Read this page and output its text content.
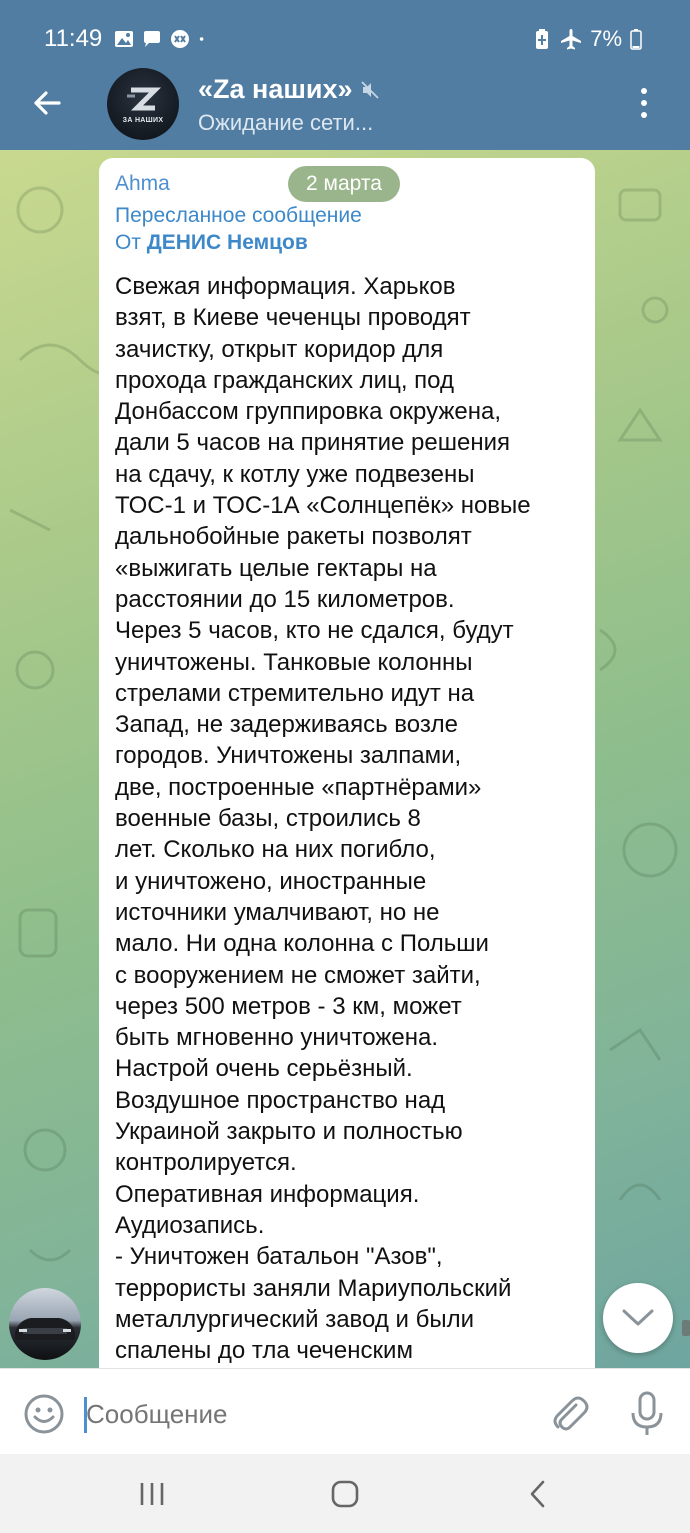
11:49	7%
ЗА НАШИХ
«Zа наших»
Ожидание сети...
Ahma	2 марта
Пересланное сообщение
От ДЕНИС Немцов
Свежая информация. Харьков
взят, в Киеве чеченцы проводят
зачистку, открыт коридор для
прохода гражданских лиц, под
Донбассом группировка окружена,
дали 5 часов на принятие решения
на сдачу, к котлу уже подвезены
ТОС-1 и ТОС-1А «Солнцепёк» новые
дальнобойные ракеты позволят
«выжигать целые гектары на
расстоянии до 15 километров.
Через 5 часов, кто не сдался, будут
уничтожены. Танковые колонны
стрелами стремительно идут на
Запад, не задерживаясь возле
городов. Уничтожены залпами,
две, построенные «партнёрами»
военные базы, строились 8
лет. Сколько на них погибло,
и уничтожено, иностранные
источники умалчивают, но не
мало. Ни одна колонна с Польши
с вооружением не сможет зайти,
через 500 метров - 3 км, может
быть мгновенно уничтожена.
Настрой очень серьёзный.
Воздушное пространство над
Украиной закрыто и полностью
контролируется.
Оперативная информация.
Аудиозапись.
- Уничтожен батальон "Азов",
террористы заняли Мариупольский
металлургический завод и были
спалены до тла чеченским
Сообщение
